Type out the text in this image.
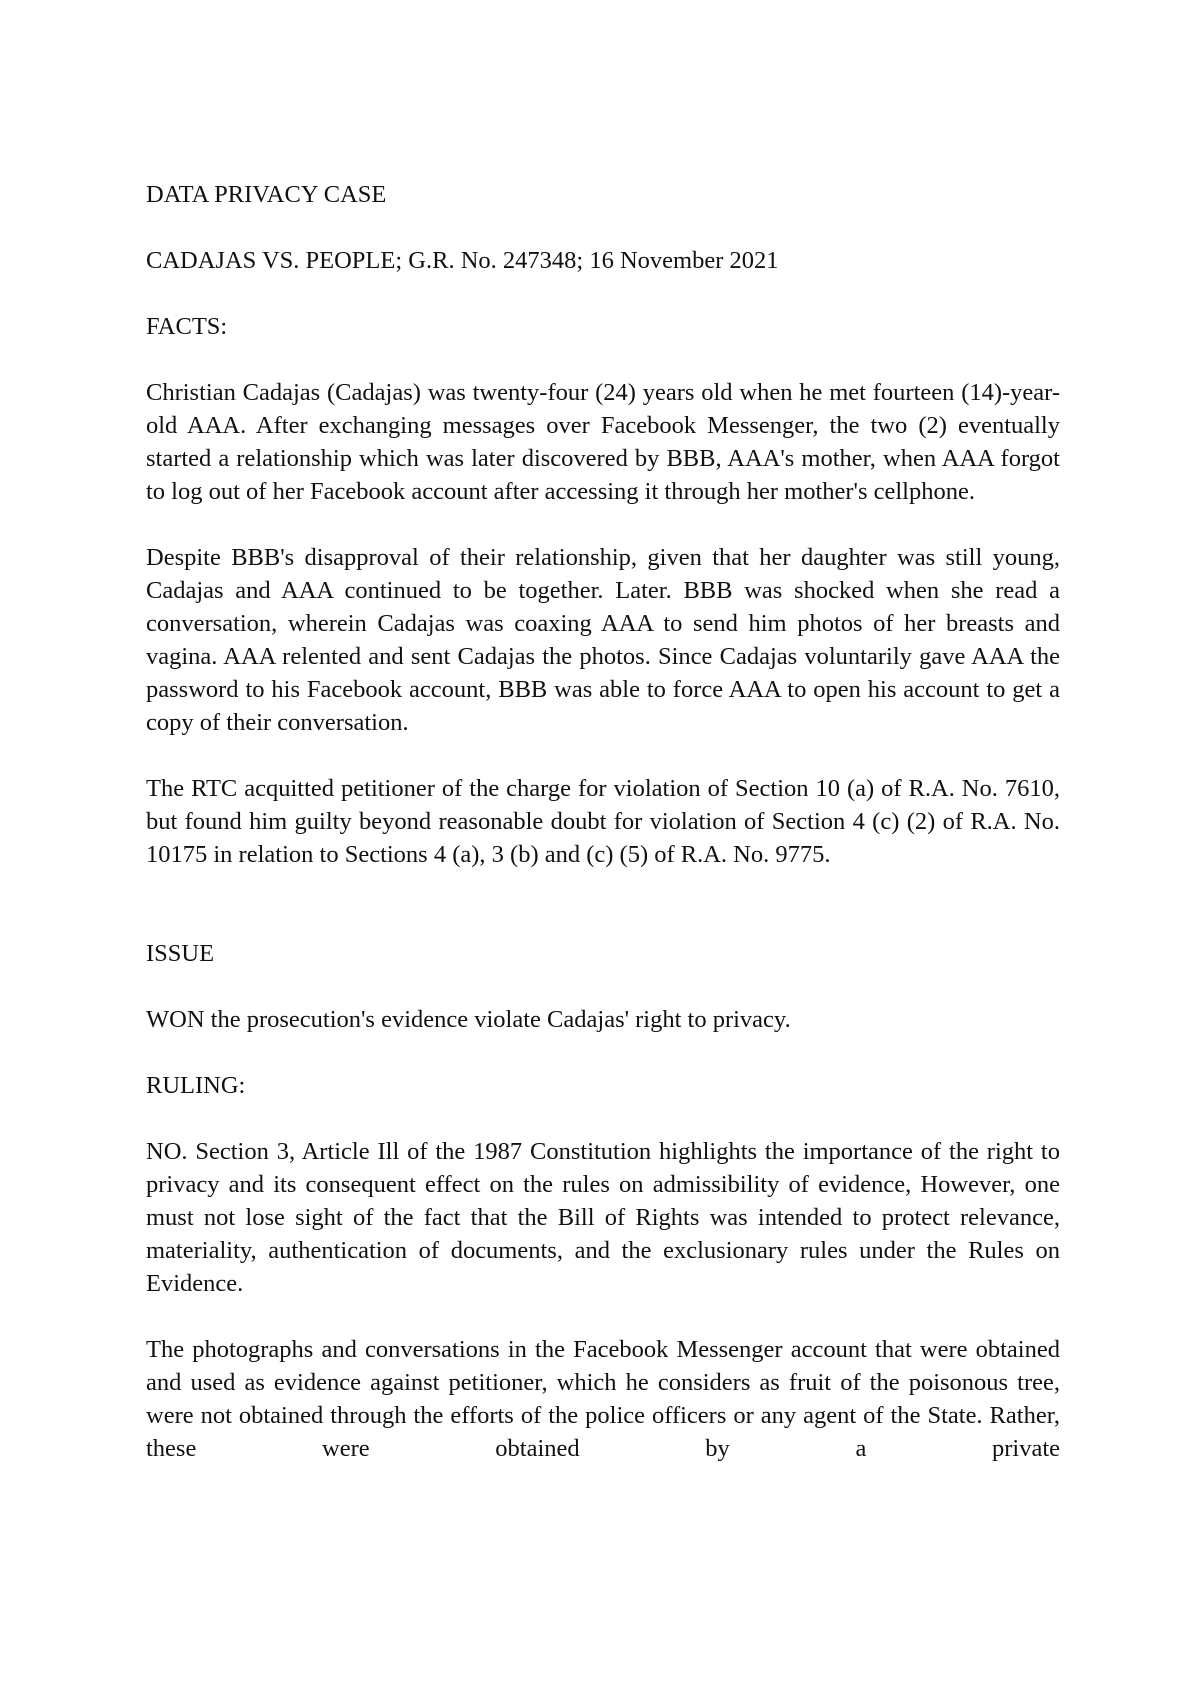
DATA PRIVACY CASE

CADAJAS VS. PEOPLE; G.R. No. 247348; 16 November 2021

FACTS:

Christian Cadajas (Cadajas) was twenty-four (24) years old when he met fourteen (14)-year-old AAA. After exchanging messages over Facebook Messenger, the two (2) eventually started a relationship which was later discovered by BBB, AAA's mother, when AAA forgot to log out of her Facebook account after accessing it through her mother's cellphone.

Despite BBB's disapproval of their relationship, given that her daughter was still young, Cadajas and AAA continued to be together. Later. BBB was shocked when she read a conversation, wherein Cadajas was coaxing AAA to send him photos of her breasts and vagina. AAA relented and sent Cadajas the photos. Since Cadajas voluntarily gave AAA the password to his Facebook account, BBB was able to force AAA to open his account to get a copy of their conversation.

The RTC acquitted petitioner of the charge for violation of Section 10 (a) of R.A. No. 7610, but found him guilty beyond reasonable doubt for violation of Section 4 (c) (2) of R.A. No. 10175 in relation to Sections 4 (a), 3 (b) and (c) (5) of R.A. No. 9775.

ISSUE

WON the prosecution's evidence violate Cadajas' right to privacy.

RULING:

NO. Section 3, Article Ill of the 1987 Constitution highlights the importance of the right to privacy and its consequent effect on the rules on admissibility of evidence, However, one must not lose sight of the fact that the Bill of Rights was intended to protect relevance, materiality, authentication of documents, and the exclusionary rules under the Rules on Evidence.

The photographs and conversations in the Facebook Messenger account that were obtained and used as evidence against petitioner, which he considers as fruit of the poisonous tree, were not obtained through the efforts of the police officers or any agent of the State. Rather, these were obtained by a private
